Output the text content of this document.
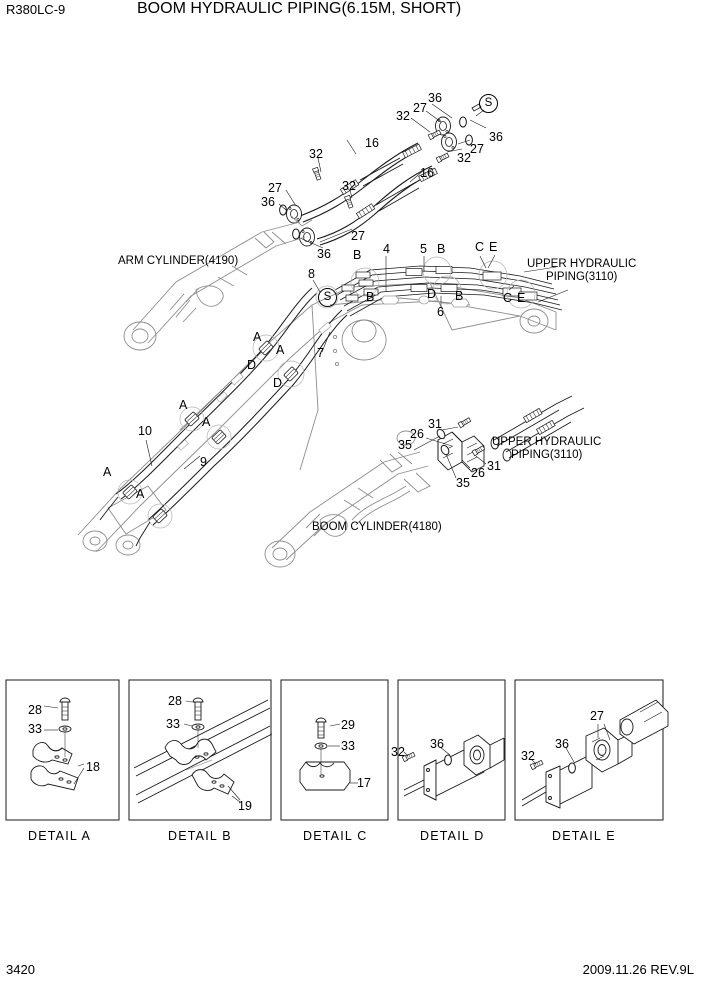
R380LC-9	BOOM HYDRAULIC PIPING(6.15M, SHORT)
ARM CYLINDER(4190)
BOOM CYLINDER(4180)
36
27
32
S
36
27
32
16
16
32
32
27
36
27
36 B 4 5 B C E
8
S	B	D B
6
C E
A
A
D
D
7
A
A
10
9
A
A
31
26
35
31
26
35
UPPER HYDRAULIC
PIPING(3110)
UPPER HYDRAULIC
PIPING(3110)
DETAIL A
28
33
18
DETAIL B
28
33
19
DETAIL C
29
33
17
DETAIL D
32
36
DETAIL E
32
36
27
3420	2009.11.26 REV.9L
